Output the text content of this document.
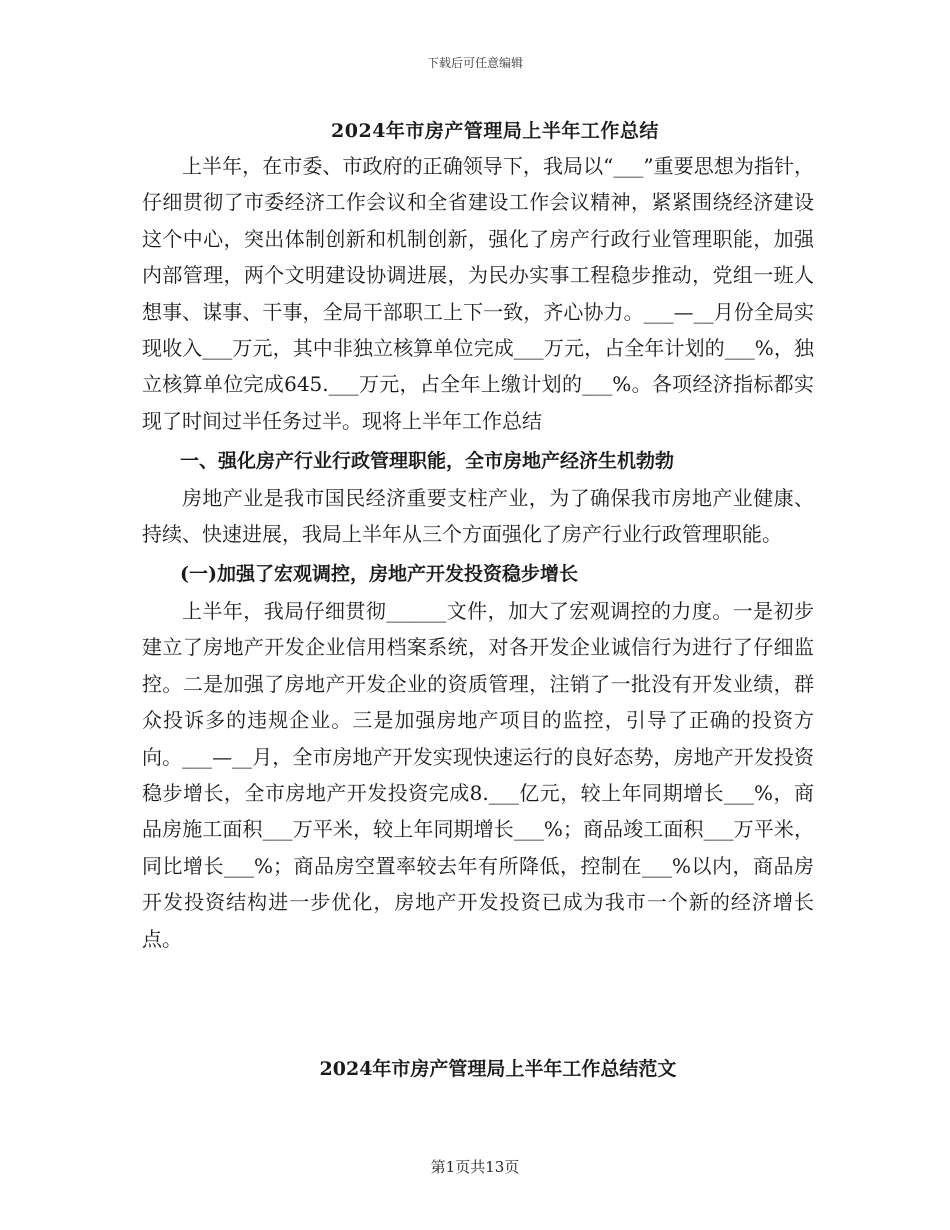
下载后可任意编辑
2024年市房产管理局上半年工作总结

上半年，在市委、市政府的正确领导下，我局以“___”重要思想为指针，仔细贯彻了市委经济工作会议和全省建设工作会议精神，紧紧围绕经济建设这个中心，突出体制创新和机制创新，强化了房产行政行业管理职能，加强内部管理，两个文明建设协调进展，为民办实事工程稳步推动，党组一班人想事、谋事、干事，全局干部职工上下一致，齐心协力。___—__月份全局实现收入___万元，其中非独立核算单位完成___万元，占全年计划的___%，独立核算单位完成645.___万元，占全年上缴计划的___%。各项经济指标都实现了时间过半任务过半。现将上半年工作总结

一、强化房产行业行政管理职能，全市房地产经济生机勃勃

房地产业是我市国民经济重要支柱产业，为了确保我市房地产业健康、持续、快速进展，我局上半年从三个方面强化了房产行业行政管理职能。

(一)加强了宏观调控，房地产开发投资稳步增长

上半年，我局仔细贯彻______文件，加大了宏观调控的力度。一是初步建立了房地产开发企业信用档案系统，对各开发企业诚信行为进行了仔细监控。二是加强了房地产开发企业的资质管理，注销了一批没有开发业绩，群众投诉多的违规企业。三是加强房地产项目的监控，引导了正确的投资方向。___—__月，全市房地产开发实现快速运行的良好态势，房地产开发投资稳步增长，全市房地产开发投资完成8.___亿元，较上年同期增长___%，商品房施工面积___万平米，较上年同期增长___%；商品竣工面积___万平米，同比增长___%；商品房空置率较去年有所降低，控制在___%以内，商品房开发投资结构进一步优化，房地产开发投资已成为我市一个新的经济增长点。

2024年市房产管理局上半年工作总结范文
第1页共13页
